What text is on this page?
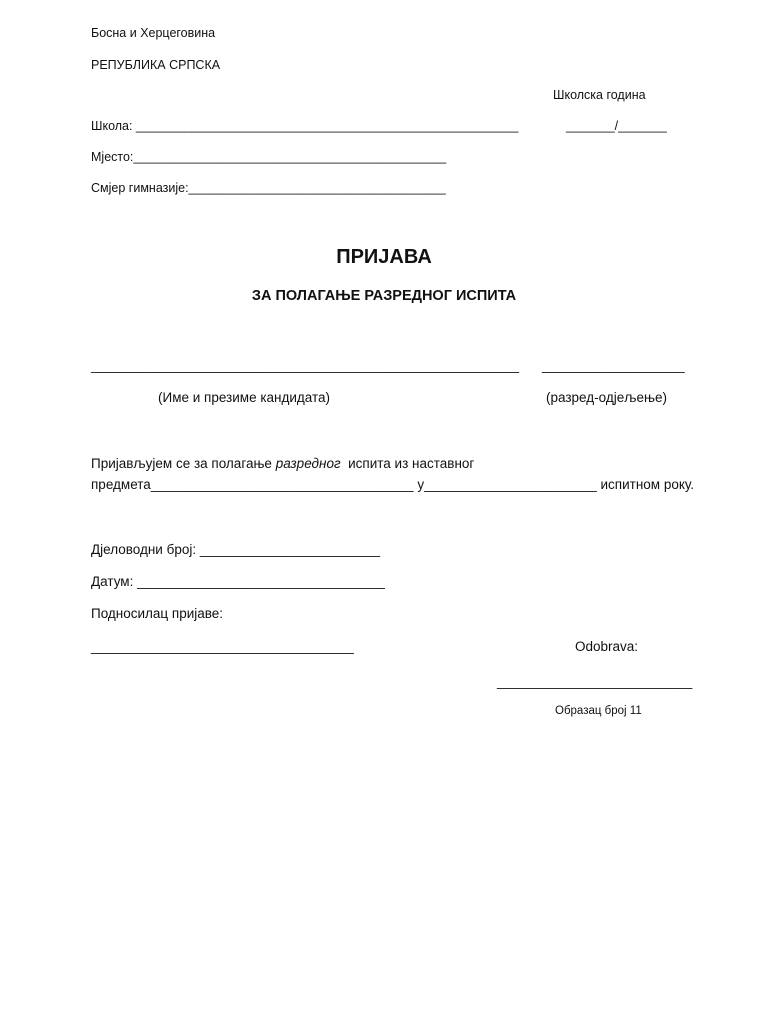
Босна и Херцеговина
РЕПУБЛИКА СРПСКА
Школска година
Школа: _______________________________________________________	_______/_______
Мјесто:_____________________________________________
Смјер гимназије:_____________________________________
ПРИЈАВА
ЗА ПОЛАГАЊЕ РАЗРЕДНОГ ИСПИТА
_________________________________________________________ ___________________
(Име и презиме кандидата)	(разред-одјељење)
Пријављујем се за полагање разредног  испита из наставног
предмета___________________________________ у_______________________ испитном року.
Дјеловодни број: ________________________
Датум: _________________________________
Подносилац пријаве:
___________________________________	Odobrava:
__________________________
Образац број 11
